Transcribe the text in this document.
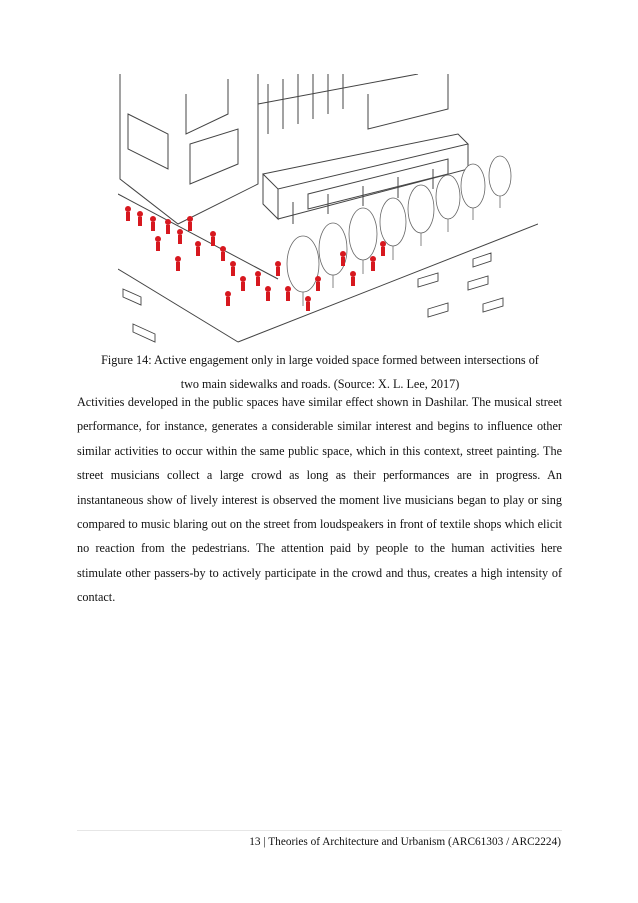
Figure 14: Active engagement only in large voided space formed between intersections of
two main sidewalks and roads. (Source: X. L. Lee, 2017)
Activities developed in the public spaces have similar effect shown in Dashilar. The musical street performance, for instance, generates a considerable similar interest and begins to influence other similar activities to occur within the same public space, which in this context, street painting. The street musicians collect a large crowd as long as their performances are in progress. An instantaneous show of lively interest is observed the moment live musicians began to play or sing compared to music blaring out on the street from loudspeakers in front of textile shops which elicit no reaction from the pedestrians. The attention paid by people to the human activities here stimulate other passers-by to actively participate in the crowd and thus, creates a high intensity of contact.
13 | Theories of Architecture and Urbanism (ARC61303 / ARC2224)
